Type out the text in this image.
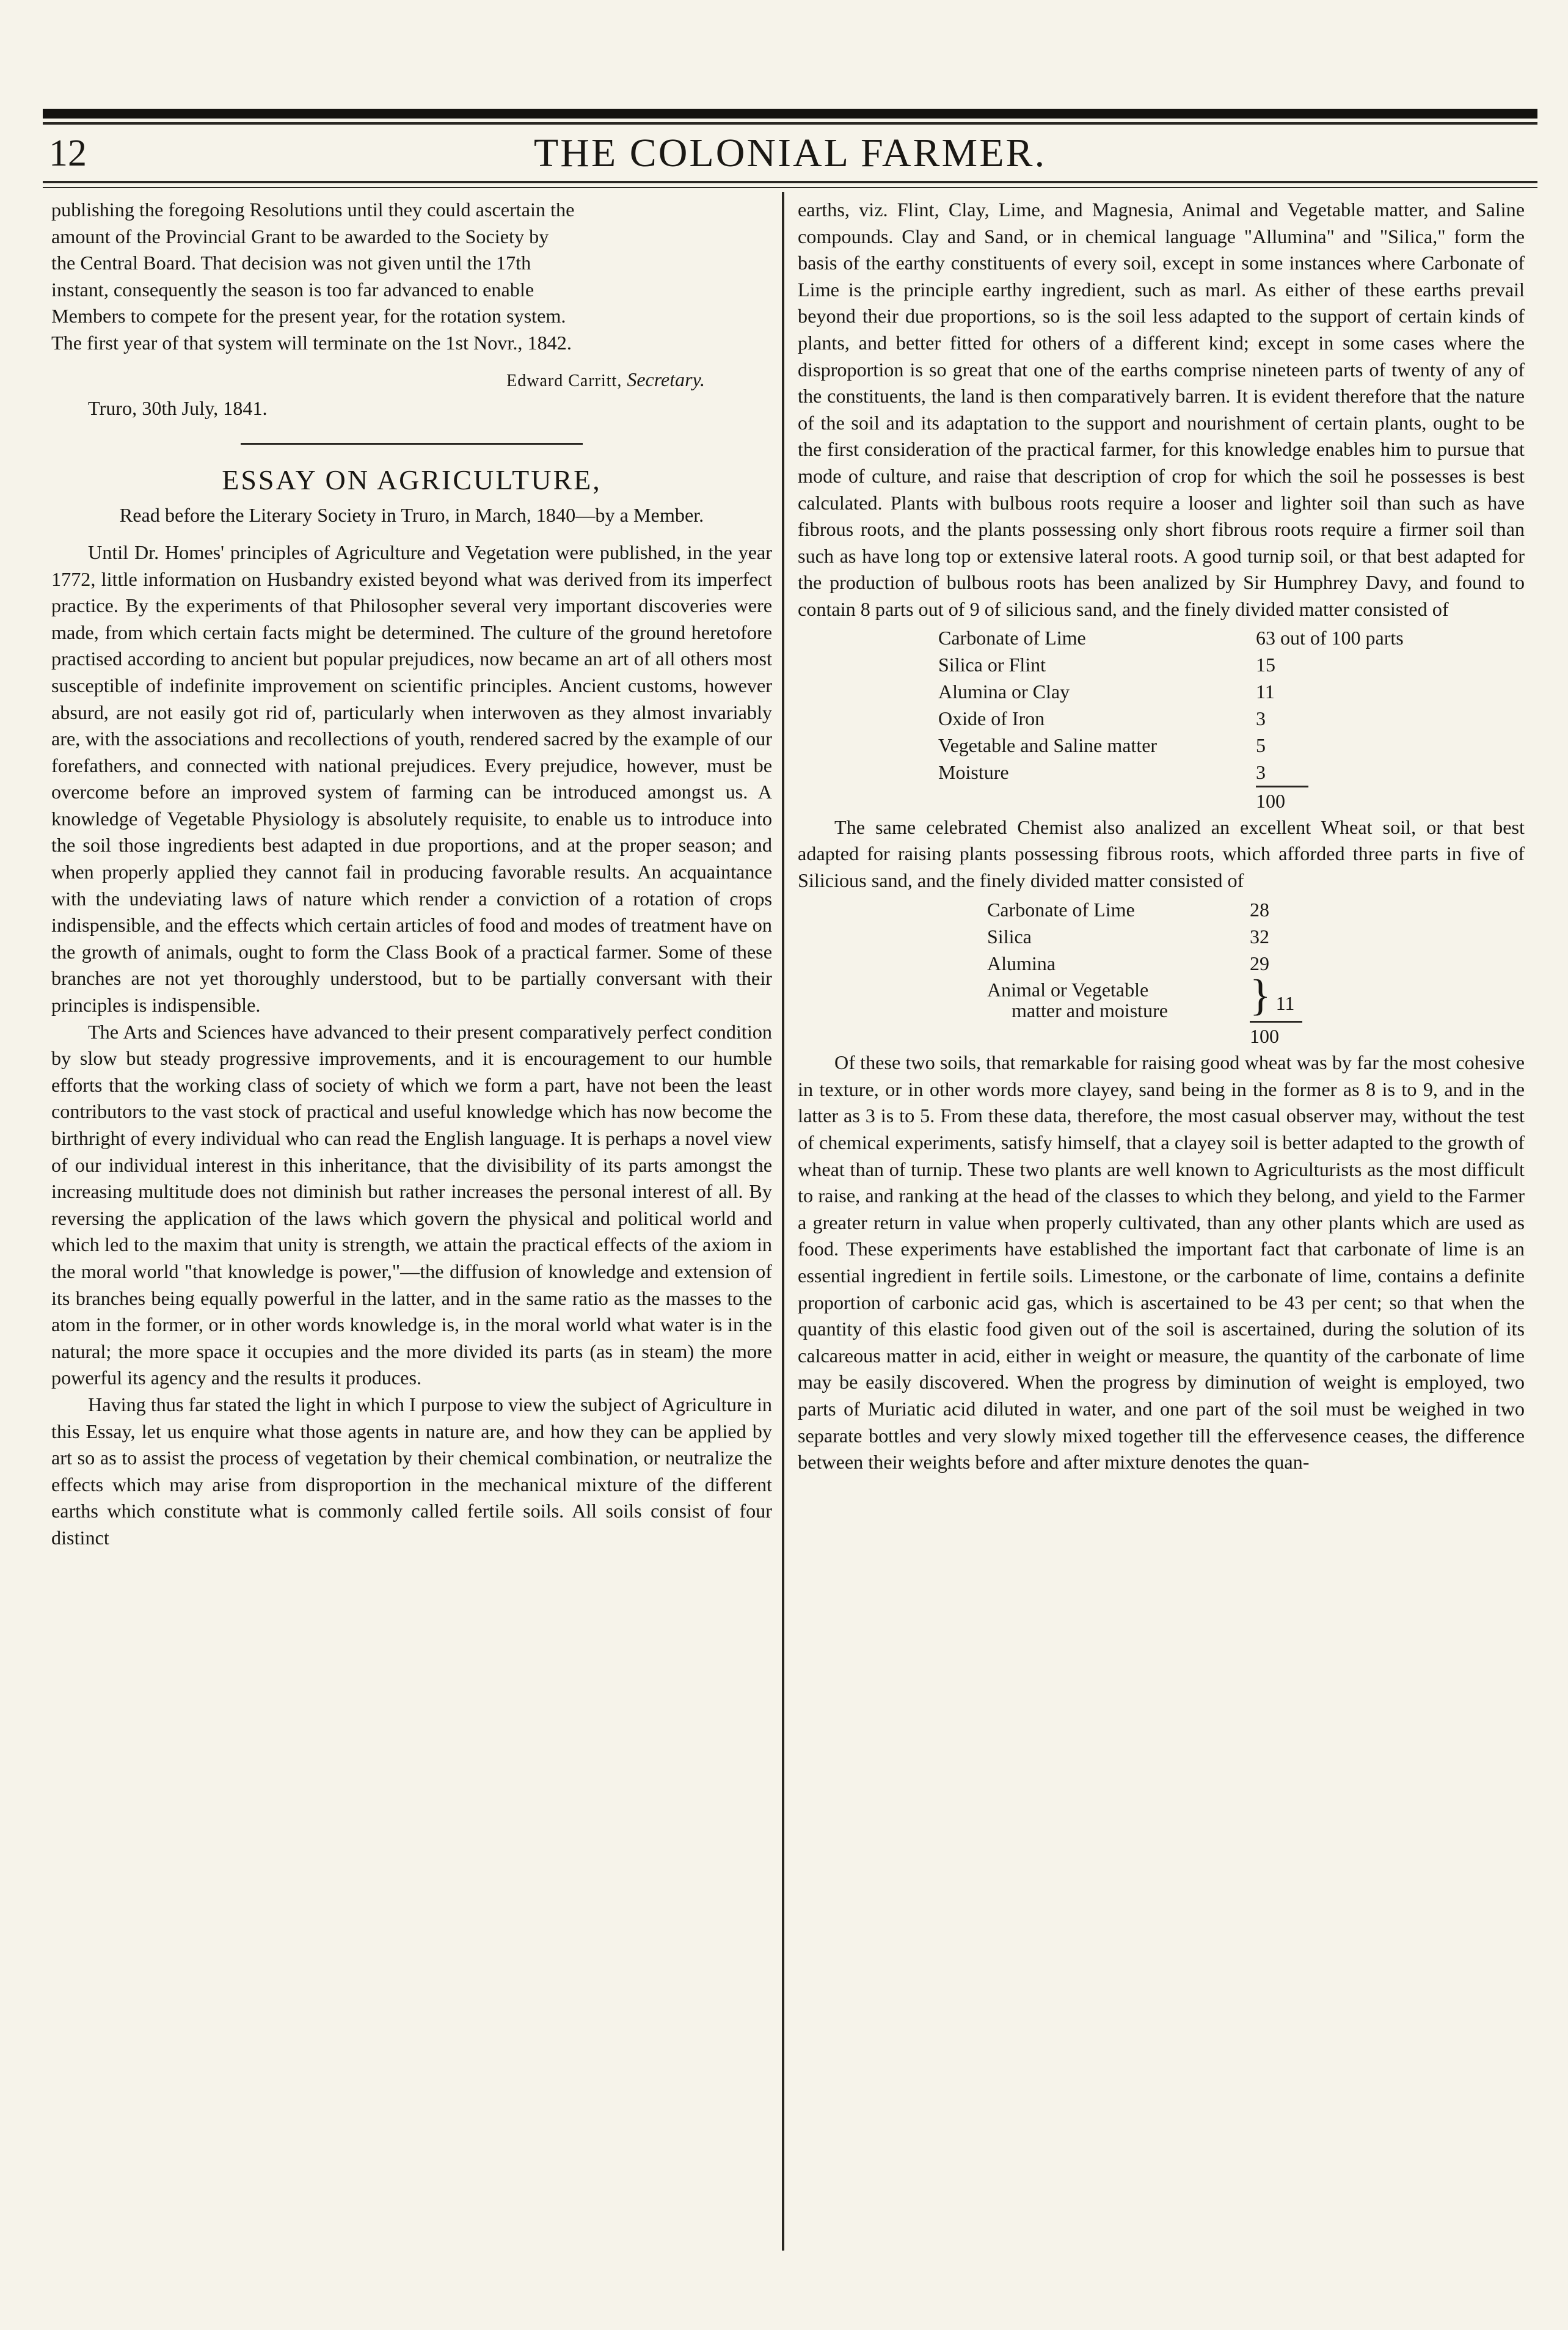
12	THE COLONIAL FARMER.
publishing the foregoing Resolutions until they could ascertain the
amount of the Provincial Grant to be awarded to the Society by
the Central Board. That decision was not given until the 17th
instant, consequently the season is too far advanced to enable
Members to compete for the present year, for the rotation system.
The first year of that system will terminate on the 1st Novr., 1842.
Edward Carritt, Secretary.
Truro, 30th July, 1841.
ESSAY ON AGRICULTURE,
Read before the Literary Society in Truro, in March, 1840—by a Member.

Until Dr. Homes' principles of Agriculture and Vegetation were published, in the year 1772, little information on Husbandry existed beyond what was derived from its imperfect practice. By the experiments of that Philosopher several very important discoveries were made, from which certain facts might be determined. The culture of the ground heretofore practised according to ancient but popular prejudices, now became an art of all others most susceptible of indefinite improvement on scientific principles. Ancient customs, however absurd, are not easily got rid of, particularly when interwoven as they almost invariably are, with the associations and recollections of youth, rendered sacred by the example of our forefathers, and connected with national prejudices. Every prejudice, however, must be overcome before an improved system of farming can be introduced amongst us. A knowledge of Vegetable Physiology is absolutely requisite, to enable us to introduce into the soil those ingredients best adapted in due proportions, and at the proper season; and when properly applied they cannot fail in producing favorable results. An acquaintance with the undeviating laws of nature which render a conviction of a rotation of crops indispensible, and the effects which certain articles of food and modes of treatment have on the growth of animals, ought to form the Class Book of a practical farmer. Some of these branches are not yet thoroughly understood, but to be partially conversant with their principles is indispensible.

The Arts and Sciences have advanced to their present comparatively perfect condition by slow but steady progressive improvements, and it is encouragement to our humble efforts that the working class of society of which we form a part, have not been the least contributors to the vast stock of practical and useful knowledge which has now become the birthright of every individual who can read the English language. It is perhaps a novel view of our individual interest in this inheritance, that the divisibility of its parts amongst the increasing multitude does not diminish but rather increases the personal interest of all. By reversing the application of the laws which govern the physical and political world and which led to the maxim that unity is strength, we attain the practical effects of the axiom in the moral world "that knowledge is power,"—the diffusion of knowledge and extension of its branches being equally powerful in the latter, and in the same ratio as the masses to the atom in the former, or in other words knowledge is, in the moral world what water is in the natural; the more space it occupies and the more divided its parts (as in steam) the more powerful its agency and the results it produces.

Having thus far stated the light in which I purpose to view the subject of Agriculture in this Essay, let us enquire what those agents in nature are, and how they can be applied by art so as to assist the process of vegetation by their chemical combination, or neutralize the effects which may arise from disproportion in the mechanical mixture of the different earths which constitute what is commonly called fertile soils. All soils consist of four distinct

earths, viz. Flint, Clay, Lime, and Magnesia, Animal and Vegetable matter, and Saline compounds. Clay and Sand, or in chemical language "Allumina" and "Silica," form the basis of the earthy constituents of every soil, except in some instances where Carbonate of Lime is the principle earthy ingredient, such as marl. As either of these earths prevail beyond their due proportions, so is the soil less adapted to the support of certain kinds of plants, and better fitted for others of a different kind; except in some cases where the disproportion is so great that one of the earths comprise nineteen parts of twenty of any of the constituents, the land is then comparatively barren. It is evident therefore that the nature of the soil and its adaptation to the support and nourishment of certain plants, ought to be the first consideration of the practical farmer, for this knowledge enables him to pursue that mode of culture, and raise that description of crop for which the soil he possesses is best calculated. Plants with bulbous roots require a looser and lighter soil than such as have fibrous roots, and the plants possessing only short fibrous roots require a firmer soil than such as have long top or extensive lateral roots. A good turnip soil, or that best adapted for the production of bulbous roots has been analized by Sir Humphrey Davy, and found to contain 8 parts out of 9 of silicious sand, and the finely divided matter consisted of

Carbonate of Lime	63 out of 100 parts
Silica or Flint	15
Alumina or Clay	11
Oxide of Iron	3
Vegetable and Saline matter	5
Moisture	3

100

The same celebrated Chemist also analized an excellent Wheat soil, or that best adapted for raising plants possessing fibrous roots, which afforded three parts in five of Silicious sand, and the finely divided matter consisted of

Carbonate of Lime	28
Silica	32
Alumina	29

Animal or Vegetable
matter and moisture	} 11

100

Of these two soils, that remarkable for raising good wheat was by far the most cohesive in texture, or in other words more clayey, sand being in the former as 8 is to 9, and in the latter as 3 is to 5. From these data, therefore, the most casual observer may, without the test of chemical experiments, satisfy himself, that a clayey soil is better adapted to the growth of wheat than of turnip. These two plants are well known to Agriculturists as the most difficult to raise, and ranking at the head of the classes to which they belong, and yield to the Farmer a greater return in value when properly cultivated, than any other plants which are used as food. These experiments have established the important fact that carbonate of lime is an essential ingredient in fertile soils. Limestone, or the carbonate of lime, contains a definite proportion of carbonic acid gas, which is ascertained to be 43 per cent; so that when the quantity of this elastic food given out of the soil is ascertained, during the solution of its calcareous matter in acid, either in weight or measure, the quantity of the carbonate of lime may be easily discovered. When the progress by diminution of weight is employed, two parts of Muriatic acid diluted in water, and one part of the soil must be weighed in two separate bottles and very slowly mixed together till the effervesence ceases, the difference between their weights before and after mixture denotes the quan-
